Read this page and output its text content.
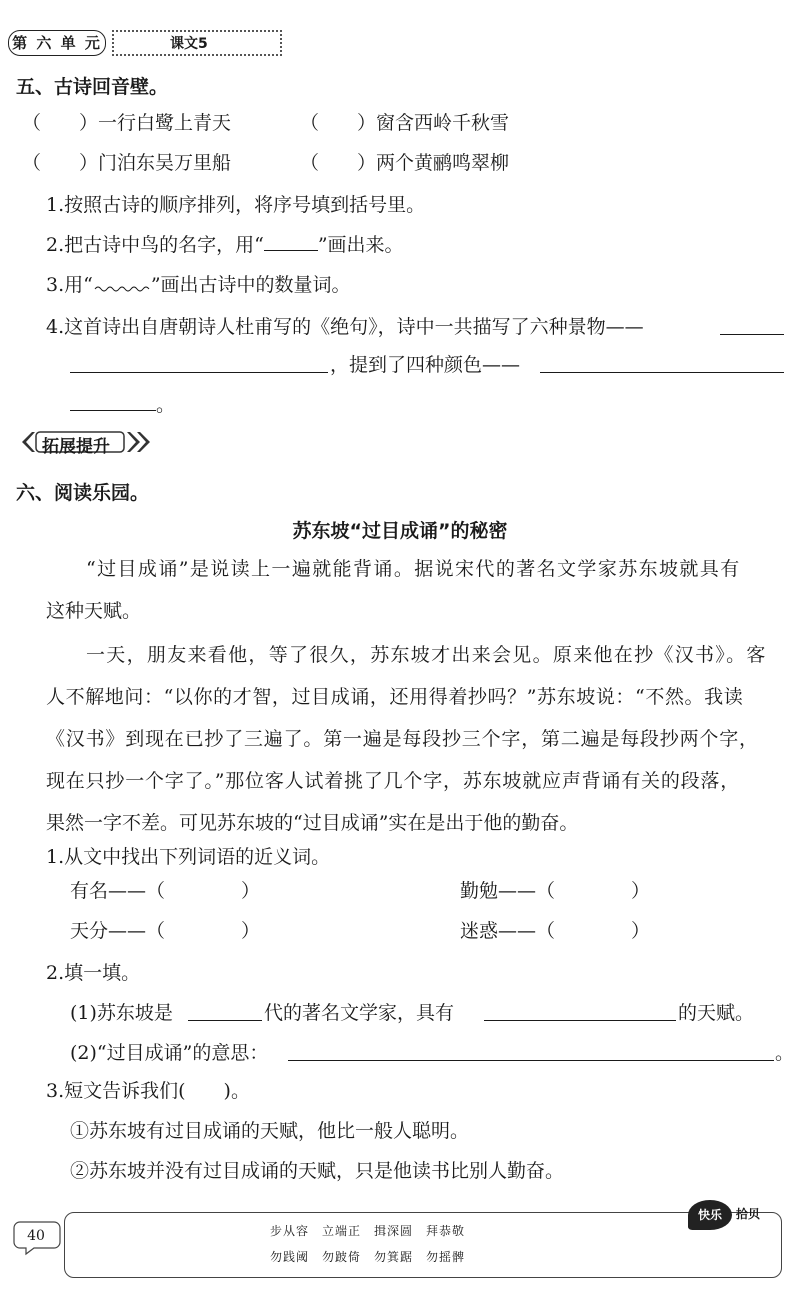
第 六 单 元	课文5
五、古诗回音壁。
（　　）一行白鹭上青天	（　　）窗含西岭千秋雪
（　　）门泊东吴万里船	（　　）两个黄鹂鸣翠柳
1.按照古诗的顺序排列，将序号填到括号里。
2.把古诗中鸟的名字，用“	”画出来。
3.用“	”画出古诗中的数量词。
4.这首诗出自唐朝诗人杜甫写的《绝句》，诗中一共描写了六种景物——
，提到了四种颜色——
。
拓展提升
六、阅读乐园。
苏东坡“过目成诵”的秘密
“过目成诵”是说读上一遍就能背诵。据说宋代的著名文学家苏东坡就具有
这种天赋。
一天，朋友来看他，等了很久，苏东坡才出来会见。原来他在抄《汉书》。客
人不解地问：“以你的才智，过目成诵，还用得着抄吗？”苏东坡说：“不然。我读
《汉书》到现在已抄了三遍了。第一遍是每段抄三个字，第二遍是每段抄两个字，
现在只抄一个字了。”那位客人试着挑了几个字，苏东坡就应声背诵有关的段落，
果然一字不差。可见苏东坡的“过目成诵”实在是出于他的勤奋。
1.从文中找出下列词语的近义词。
有名——（　　　　）	勤勉——（　　　　）
天分——（　　　　）	迷惑——（　　　　）
2.填一填。
(1)苏东坡是	代的著名文学家，具有	的天赋。
(2)“过目成诵”的意思：	。
3.短文告诉我们(　　)。
①苏东坡有过目成诵的天赋，他比一般人聪明。
②苏东坡并没有过目成诵的天赋，只是他读书比别人勤奋。
40	步从容　立端正　揖深圆　拜恭敬
勿践阈　勿跛倚　勿箕踞　勿摇髀
快乐	拾贝
